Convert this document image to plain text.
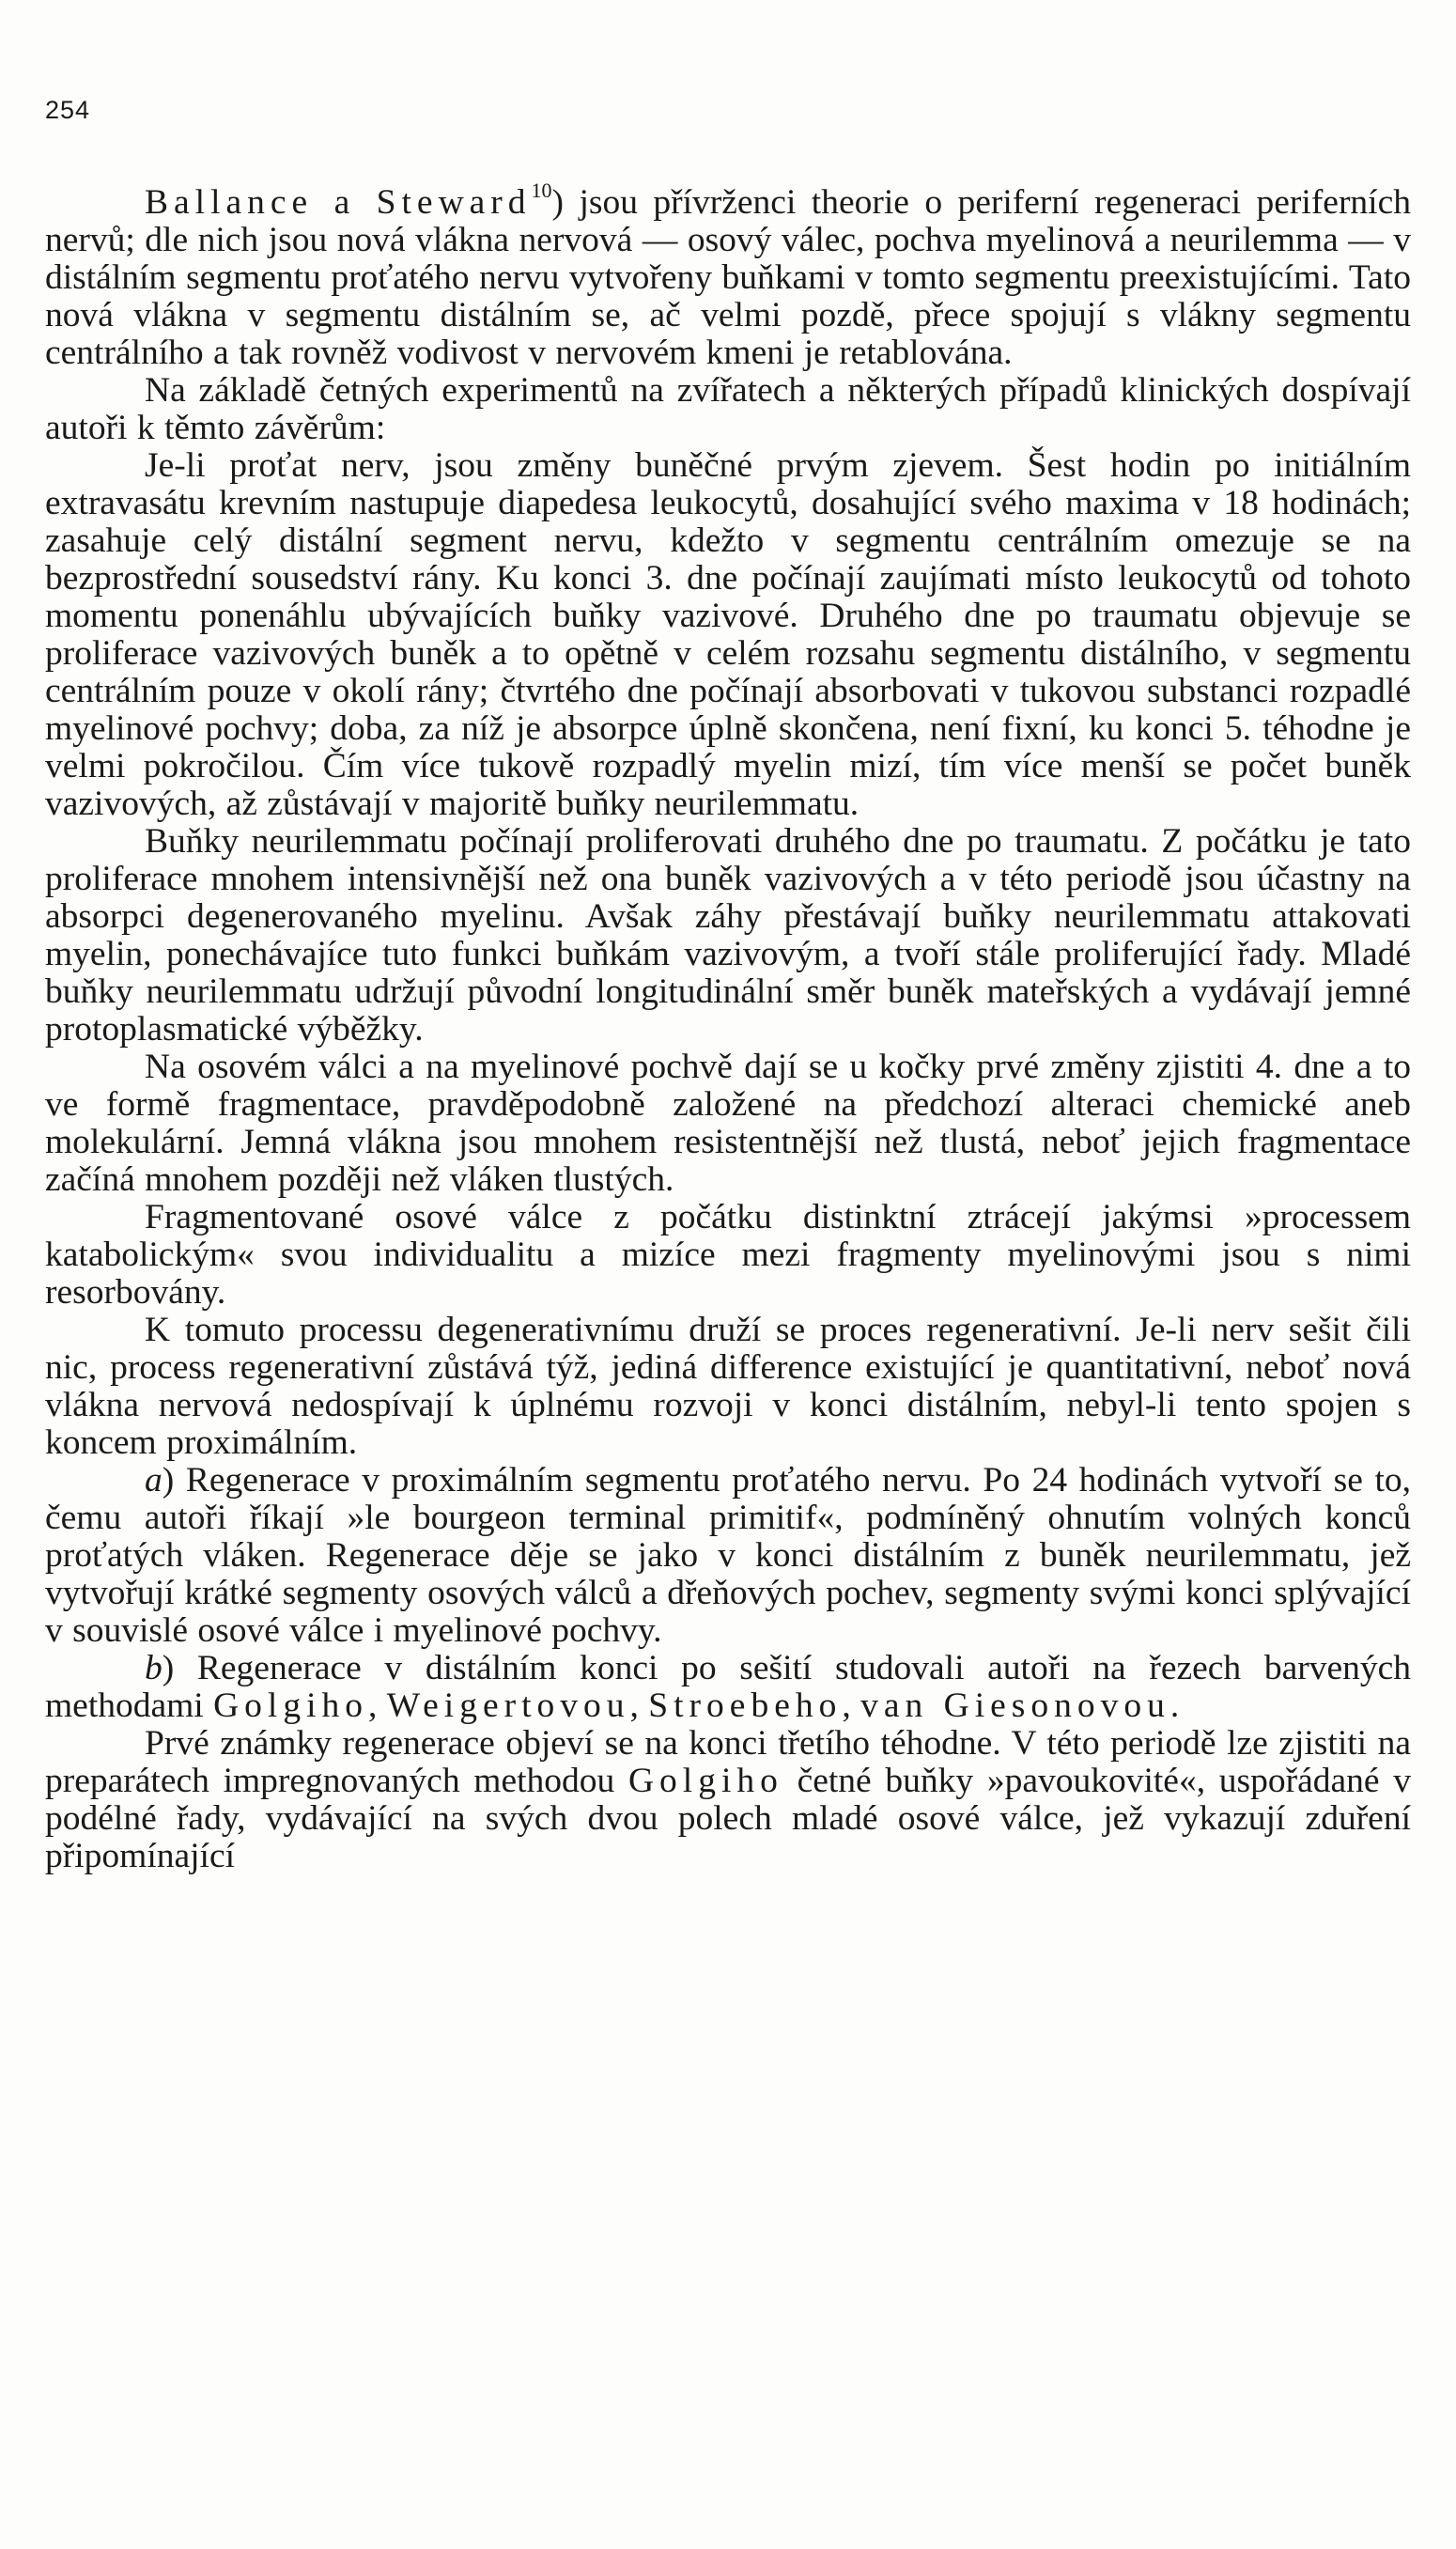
254

Ballance a Steward$^{10}$) jsou přívrženci theorie o periferní regeneraci periferních nervů; dle nich jsou nová vlákna nervová — osový válec, pochva myelinová a neurilemma — v distálním segmentu proťatého nervu vytvořeny buňkami v tomto segmentu preexistujícími. Tato nová vlákna v segmentu distálním se, ač velmi pozdě, přece spojují s vlákny segmentu centrálního a tak rovněž vodivost v nervovém kmeni je retablována.

Na základě četných experimentů na zvířatech a některých případů klinických dospívají autoři k těmto závěrům:

Je-li proťat nerv, jsou změny buněčné prvým zjevem. Šest hodin po initiálním extravasátu krevním nastupuje diapedesa leukocytů, dosahující svého maxima v 18 hodinách; zasahuje celý distální segment nervu, kdežto v segmentu centrálním omezuje se na bezprostřední sousedství rány. Ku konci 3. dne počínají zaujímati místo leukocytů od tohoto momentu ponenáhlu ubývajících buňky vazivové. Druhého dne po traumatu objevuje se proliferace vazivových buněk a to opětně v celém rozsahu segmentu distálního, v segmentu centrálním pouze v okolí rány; čtvrtého dne počínají absorbovati v tukovou substanci rozpadlé myelinové pochvy; doba, za níž je absorpce úplně skončena, není fixní, ku konci 5. téhodne je velmi pokročilou. Čím více tukově rozpadlý myelin mizí, tím více menší se počet buněk vazivových, až zůstávají v majoritě buňky neurilemmatu.

Buňky neurilemmatu počínají proliferovati druhého dne po traumatu. Z počátku je tato proliferace mnohem intensivnější než ona buněk vazivových a v této periodě jsou účastny na absorpci degenerovaného myelinu. Avšak záhy přestávají buňky neurilemmatu attakovati myelin, ponechávajíce tuto funkci buňkám vazivovým, a tvoří stále proliferující řady. Mladé buňky neurilemmatu udržují původní longitudinální směr buněk mateřských a vydávají jemné protoplasmatické výběžky.

Na osovém válci a na myelinové pochvě dají se u kočky prvé změny zjistiti 4. dne a to ve formě fragmentace, pravděpodobně založené na předchozí alteraci chemické aneb molekulární. Jemná vlákna jsou mnohem resistentnější než tlustá, neboť jejich fragmentace začíná mnohem později než vláken tlustých.

Fragmentované osové válce z počátku distinktní ztrácejí jakýmsi »processem katabolickým« svou individualitu a mizíce mezi fragmenty myelinovými jsou s nimi resorbovány.

K tomuto processu degenerativnímu druží se proces regenerativní. Je-li nerv sešit čili nic, process regenerativní zůstává týž, jediná difference existující je quantitativní, neboť nová vlákna nervová nedospívají k úplnému rozvoji v konci distálním, nebyl-li tento spojen s koncem proximálním.

a) Regenerace v proximálním segmentu proťatého nervu. Po 24 hodinách vytvoří se to, čemu autoři říkají »le bourgeon terminal primitif«, podmíněný ohnutím volných konců proťatých vláken. Regenerace děje se jako v konci distálním z buněk neurilemmatu, jež vytvořují krátké segmenty osových válců a dřeňových pochev, segmenty svými konci splývající v souvislé osové válce i myelinové pochvy.

b) Regenerace v distálním konci po sešití studovali autoři na řezech barvených methodami Golgiho, Weigertovou, Stroebeho, van Giesonovou.

Prvé známky regenerace objeví se na konci třetího téhodne. V této periodě lze zjistiti na preparátech impregnovaných methodou Golgiho četné buňky »pavoukovité«, uspořádané v podélné řady, vydávající na svých dvou polech mladé osové válce, jež vykazují zduření připomínající
